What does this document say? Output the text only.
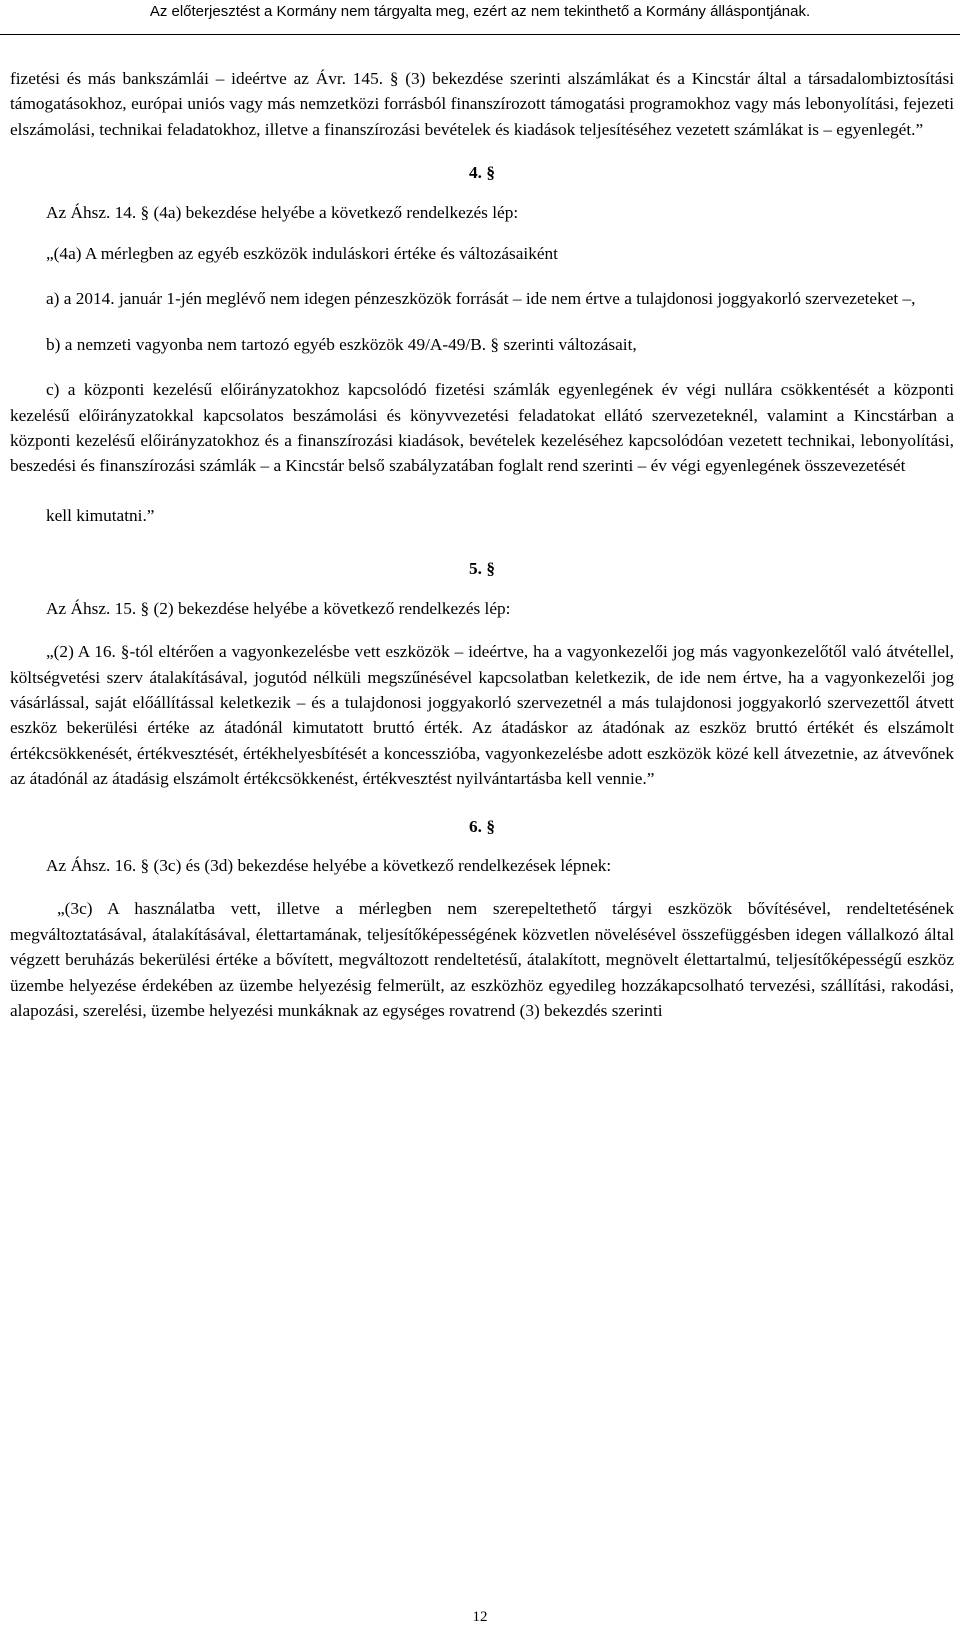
Az előterjesztést a Kormány nem tárgyalta meg, ezért az nem tekinthető a Kormány álláspontjának.

fizetési és más bankszámlái – ideértve az Ávr. 145. § (3) bekezdése szerinti alszámlákat és a Kincstár által a társadalombiztosítási támogatásokhoz, európai uniós vagy más nemzetközi forrásból finanszírozott támogatási programokhoz vagy más lebonyolítási, fejezeti elszámolási, technikai feladatokhoz, illetve a finanszírozási bevételek és kiadások teljesítéséhez vezetett számlákat is – egyenlegét.”

4. §

Az Áhsz. 14. § (4a) bekezdése helyébe a következő rendelkezés lép:

„(4a) A mérlegben az egyéb eszközök induláskori értéke és változásaiként

a) a 2014. január 1-jén meglévő nem idegen pénzeszközök forrását – ide nem értve a tulajdonosi joggyakorló szervezeteket –,

b) a nemzeti vagyonba nem tartozó egyéb eszközök 49/A-49/B. § szerinti változásait,

c) a központi kezelésű előirányzatokhoz kapcsolódó fizetési számlák egyenlegének év végi nullára csökkentését a központi kezelésű előirányzatokkal kapcsolatos beszámolási és könyvvezetési feladatokat ellátó szervezeteknél, valamint a Kincstárban a központi kezelésű előirányzatokhoz és a finanszírozási kiadások, bevételek kezeléséhez kapcsolódóan vezetett technikai, lebonyolítási, beszedési és finanszírozási számlák – a Kincstár belső szabályzatában foglalt rend szerinti – év végi egyenlegének összevezetését

kell kimutatni.”

5. §

Az Áhsz. 15. § (2) bekezdése helyébe a következő rendelkezés lép:

„(2) A 16. §-tól eltérően a vagyonkezelésbe vett eszközök – ideértve, ha a vagyonkezelői jog más vagyonkezelőtől való átvétellel, költségvetési szerv átalakításával, jogutód nélküli megszűnésével kapcsolatban keletkezik, de ide nem értve, ha a vagyonkezelői jog vásárlással, saját előállítással keletkezik – és a tulajdonosi joggyakorló szervezetnél a más tulajdonosi joggyakorló szervezettől átvett eszköz bekerülési értéke az átadónál kimutatott bruttó érték. Az átadáskor az átadónak az eszköz bruttó értékét és elszámolt értékcsökkenését, értékvesztését, értékhelyesbítését a koncesszióba, vagyonkezelésbe adott eszközök közé kell átvezetnie, az átvevőnek az átadónál az átadásig elszámolt értékcsökkenést, értékvesztést nyilvántartásba kell vennie.”

6. §

Az Áhsz. 16. § (3c) és (3d) bekezdése helyébe a következő rendelkezések lépnek:

„(3c) A használatba vett, illetve a mérlegben nem szerepeltethető tárgyi eszközök bővítésével, rendeltetésének megváltoztatásával, átalakításával, élettartamának, teljesítőképességének közvetlen növelésével összefüggésben idegen vállalkozó által végzett beruházás bekerülési értéke a bővített, megváltozott rendeltetésű, átalakított, megnövelt élettartalmú, teljesítőképességű eszköz üzembe helyezése érdekében az üzembe helyezésig felmerült, az eszközhöz egyedileg hozzákapcsolható tervezési, szállítási, rakodási, alapozási, szerelési, üzembe helyezési munkáknak az egységes rovatrend (3) bekezdés szerinti

12
